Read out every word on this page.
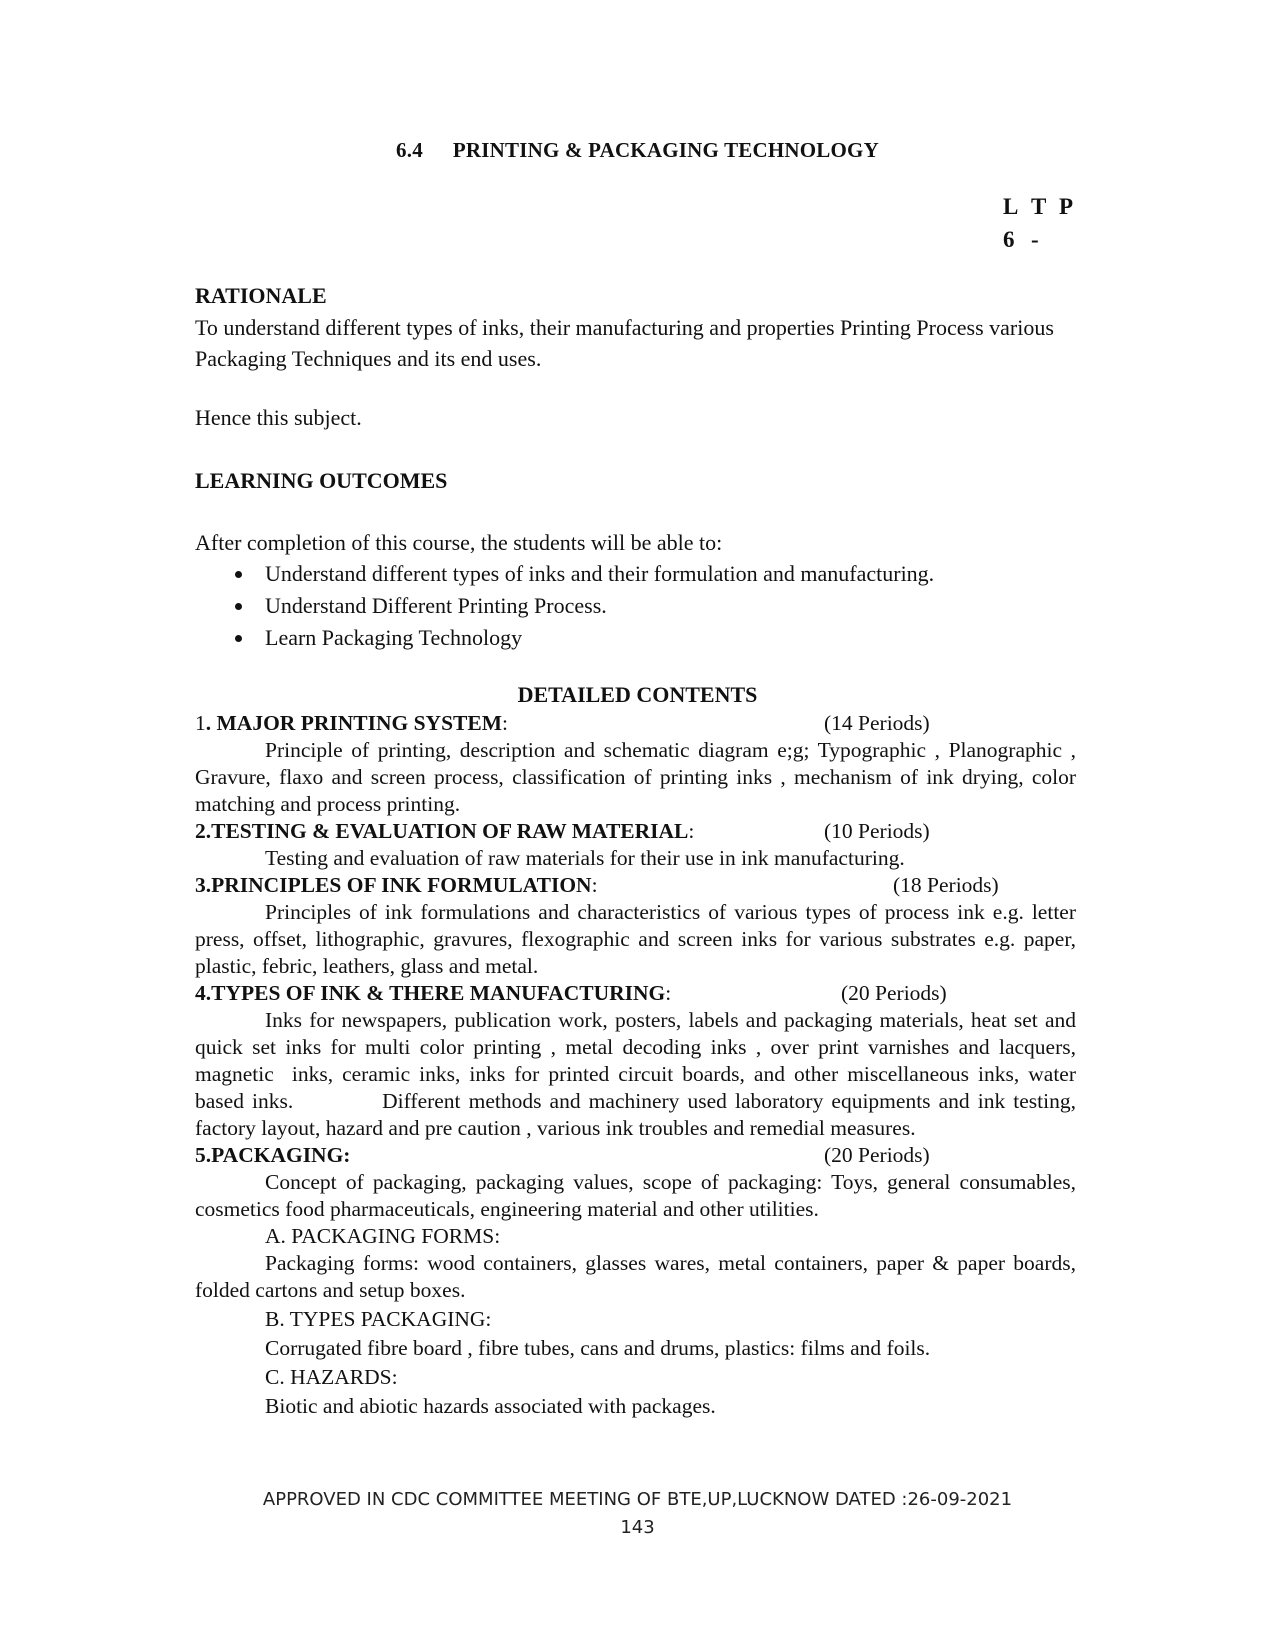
6.4 PRINTING & PACKAGING TECHNOLOGY
L T P
6 -
RATIONALE
To understand different types of inks, their manufacturing and properties Printing Process various Packaging Techniques and its end uses.
Hence this subject.
LEARNING OUTCOMES
After completion of this course, the students will be able to:
Understand different types of inks and their formulation and manufacturing.
Understand Different Printing Process.
Learn Packaging Technology
DETAILED CONTENTS
1 . MAJOR PRINTING SYSTEM :	(14 Periods)
Principle of printing, description and schematic diagram e;g; Typographic , Planographic , Gravure, flaxo and screen process, classification of printing inks , mechanism of ink drying, color matching and process printing.
2. TESTING & EVALUATION OF RAW MATERIAL :	(10 Periods)
Testing and evaluation of raw materials for their use in ink manufacturing.
3. PRINCIPLES OF INK FORMULATION :	(18 Periods)
Principles of ink formulations and characteristics of various types of process ink e.g. letter press, offset, lithographic, gravures, flexographic and screen inks for various substrates e.g. paper, plastic, febric, leathers, glass and metal.
4. TYPES OF INK & THERE MANUFACTURING :	(20 Periods)
Inks for newspapers, publication work, posters, labels and packaging materials, heat set and quick set inks for multi color printing , metal decoding inks , over print varnishes and lacquers, magnetic  inks, ceramic inks, inks for printed circuit boards, and other miscellaneous inks, water based inks.           Different methods and machinery used laboratory equipments and ink testing, factory layout, hazard and pre caution , various ink troubles and remedial measures.
5. PACKAGING:	(20 Periods)
Concept of packaging, packaging values, scope of packaging: Toys, general consumables, cosmetics food pharmaceuticals, engineering material and other utilities.
A. PACKAGING FORMS:
Packaging forms: wood containers, glasses wares, metal containers, paper & paper boards, folded cartons and setup boxes.
B. TYPES PACKAGING:
Corrugated fibre board , fibre tubes, cans and drums, plastics: films and foils.
C. HAZARDS:
Biotic and abiotic hazards associated with packages.
APPROVED IN CDC COMMITTEE MEETING OF BTE,UP,LUCKNOW DATED :26-09-2021
143
